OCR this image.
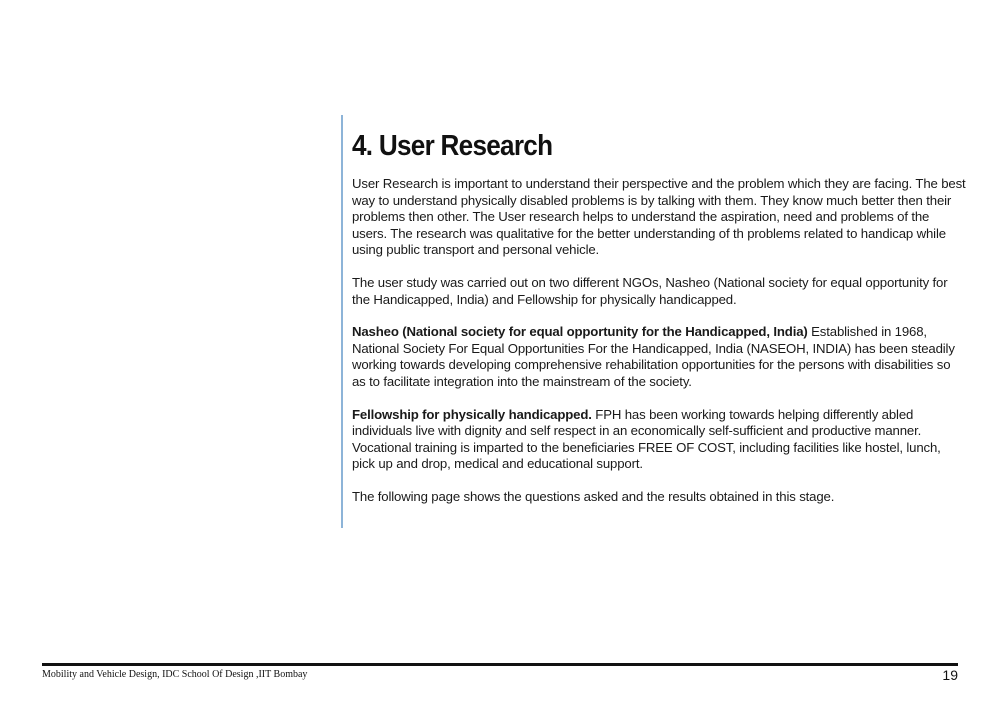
4. User Research

User Research is important to understand their perspective and the problem which they are facing. The best way to understand physically disabled problems is by talking with them. They know much better then their problems then other. The User research helps to understand the aspiration, need and problems of the users. The research was qualitative for the better understanding of th problems related to handicap while using public transport and personal vehicle.

The user study was carried out on two different NGOs, Nasheo (National society for equal opportunity for the Handicapped, India) and Fellowship for physically handicapped.

Nasheo (National society for equal opportunity for the Handicapped, India) Established in 1968, National Society For Equal Opportunities For the Handicapped, India (NASEOH, INDIA) has been steadily working towards developing comprehensive rehabilitation opportunities for the persons with disabilities so as to facilitate integration into the mainstream of the society.

Fellowship for physically handicapped. FPH has been working towards helping differently abled individuals live with dignity and self respect in an economically self-sufficient and productive manner. Vocational training is imparted to the beneficiaries FREE OF COST, including facilities like hostel, lunch, pick up and drop, medical and educational support.

The following page shows the questions asked and the results obtained in this stage.

Mobility and Vehicle Design, IDC School Of Design ,IIT Bombay	19
